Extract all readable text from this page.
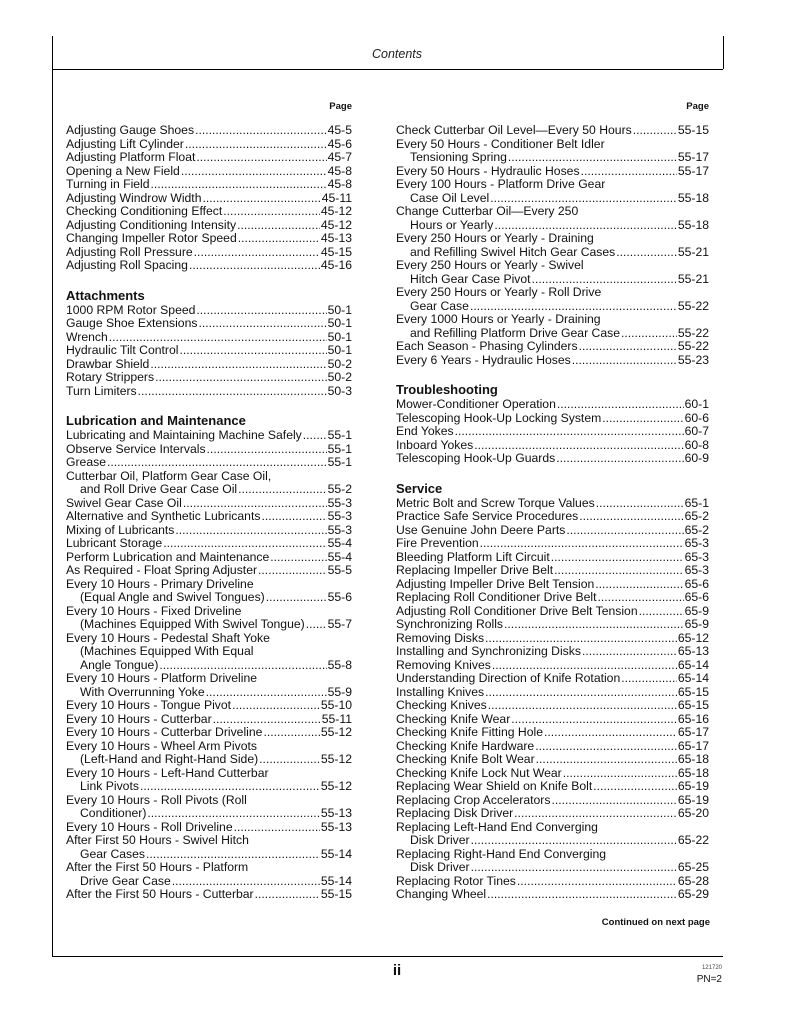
Contents
Page
Adjusting Gauge Shoes .....	45-5
Adjusting Lift Cylinder .....	45-6
Adjusting Platform Float .....	45-7
Opening a New Field .....	45-8
Turning in Field .....	45-8
Adjusting Windrow Width .....	45-11
Checking Conditioning Effect .....	45-12
Adjusting Conditioning Intensity .....	45-12
Changing Impeller Rotor Speed .....	45-13
Adjusting Roll Pressure .....	45-15
Adjusting Roll Spacing .....	45-16
Attachments
1000 RPM Rotor Speed .....	50-1
Gauge Shoe Extensions .....	50-1
Wrench .....	50-1
Hydraulic Tilt Control .....	50-1
Drawbar Shield .....	50-2
Rotary Strippers .....	50-2
Turn Limiters .....	50-3
Lubrication and Maintenance
Lubricating and Maintaining Machine Safely ..... 55-1
Observe Service Intervals .....	55-1
Grease .....	55-1
Cutterbar Oil, Platform Gear Case Oil,
and Roll Drive Gear Case Oil .....	55-2
Swivel Gear Case Oil .....	55-3
Alternative and Synthetic Lubricants .....	55-3
Mixing of Lubricants .....	55-3
Lubricant Storage .....	55-4
Perform Lubrication and Maintenance .....	55-4
As Required - Float Spring Adjuster .....	55-5
Every 10 Hours - Primary Driveline
(Equal Angle and Swivel Tongues) .....	55-6
Every 10 Hours - Fixed Driveline
(Machines Equipped With Swivel Tongue) ..... 55-7
Every 10 Hours - Pedestal Shaft Yoke
(Machines Equipped With Equal
Angle Tongue) .....	55-8
Every 10 Hours - Platform Driveline
With Overrunning Yoke .....	55-9
Every 10 Hours - Tongue Pivot .....	55-10
Every 10 Hours - Cutterbar .....	55-11
Every 10 Hours - Cutterbar Driveline .....	55-12
Every 10 Hours - Wheel Arm Pivots
(Left-Hand and Right-Hand Side) .....	55-12
Every 10 Hours - Left-Hand Cutterbar
Link Pivots .....	55-12
Every 10 Hours - Roll Pivots (Roll
Conditioner) .....	55-13
Every 10 Hours - Roll Driveline .....	55-13
After First 50 Hours - Swivel Hitch
Gear Cases .....	55-14
After the First 50 Hours - Platform
Drive Gear Case .....	55-14
After the First 50 Hours - Cutterbar .....	55-15
Page
Check Cutterbar Oil Level—Every 50 Hours .....	55-15
Every 50 Hours - Conditioner Belt Idler
Tensioning Spring .....	55-17
Every 50 Hours - Hydraulic Hoses .....	55-17
Every 100 Hours - Platform Drive Gear
Case Oil Level .....	55-18
Change Cutterbar Oil—Every 250
Hours or Yearly .....	55-18
Every 250 Hours or Yearly - Draining
and Refilling Swivel Hitch Gear Cases .....	55-21
Every 250 Hours or Yearly - Swivel
Hitch Gear Case Pivot .....	55-21
Every 250 Hours or Yearly - Roll Drive
Gear Case .....	55-22
Every 1000 Hours or Yearly - Draining
and Refilling Platform Drive Gear Case .....	55-22
Each Season - Phasing Cylinders .....	55-22
Every 6 Years - Hydraulic Hoses .....	55-23
Troubleshooting
Mower-Conditioner Operation .....	60-1
Telescoping Hook-Up Locking System .....	60-6
End Yokes .....	60-7
Inboard Yokes .....	60-8
Telescoping Hook-Up Guards .....	60-9
Service
Metric Bolt and Screw Torque Values .....	65-1
Practice Safe Service Procedures .....	65-2
Use Genuine John Deere Parts .....	65-2
Fire Prevention .....	65-3
Bleeding Platform Lift Circuit .....	65-3
Replacing Impeller Drive Belt .....	65-3
Adjusting Impeller Drive Belt Tension .....	65-6
Replacing Roll Conditioner Drive Belt .....	65-6
Adjusting Roll Conditioner Drive Belt Tension .....	65-9
Synchronizing Rolls .....	65-9
Removing Disks .....	65-12
Installing and Synchronizing Disks .....	65-13
Removing Knives .....	65-14
Understanding Direction of Knife Rotation .....	65-14
Installing Knives .....	65-15
Checking Knives .....	65-15
Checking Knife Wear .....	65-16
Checking Knife Fitting Hole .....	65-17
Checking Knife Hardware .....	65-17
Checking Knife Bolt Wear .....	65-18
Checking Knife Lock Nut Wear .....	65-18
Replacing Wear Shield on Knife Bolt .....	65-19
Replacing Crop Accelerators .....	65-19
Replacing Disk Driver .....	65-20
Replacing Left-Hand End Converging
Disk Driver .....	65-22
Replacing Right-Hand End Converging
Disk Driver .....	65-25
Replacing Rotor Tines .....	65-28
Changing Wheel .....	65-29
Continued on next page
ii	121720
PN=2
